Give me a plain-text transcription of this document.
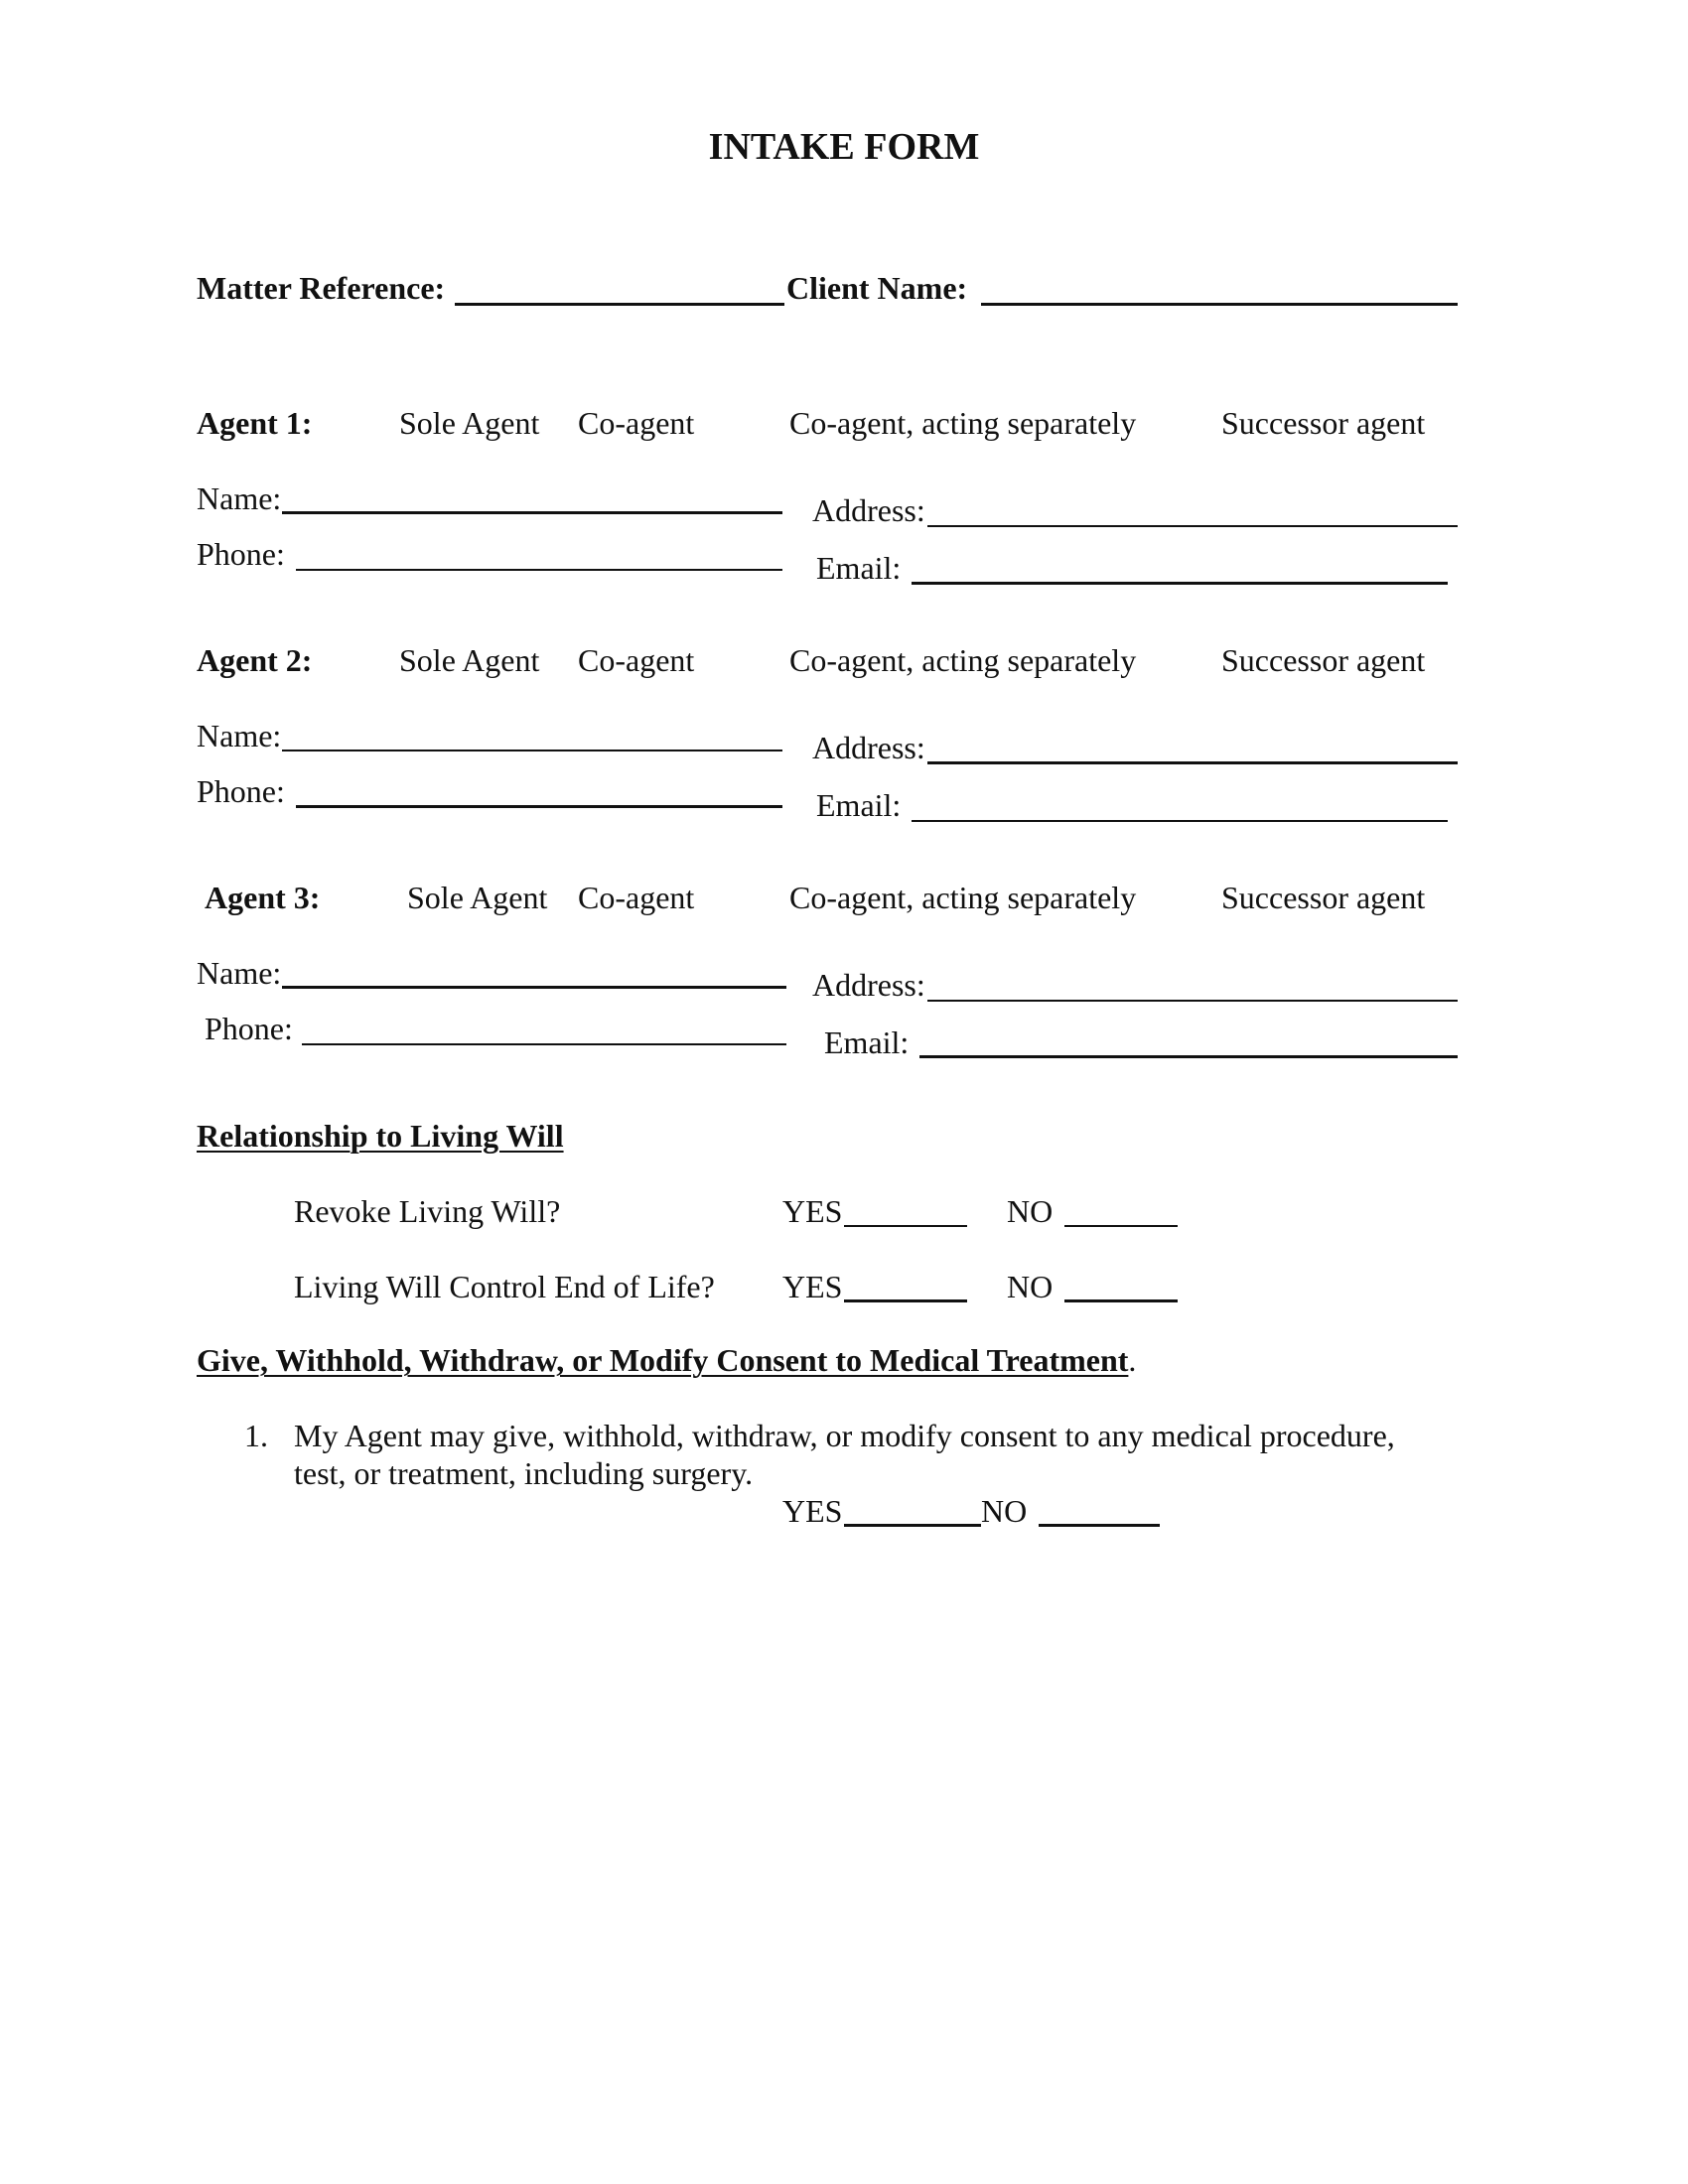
INTAKE FORM
Matter Reference:	Client Name:
Agent 1:	Sole Agent Co-agent	Co-agent, acting separately	Successor agent
Name:	Address:
Phone:	Email:
Agent 2:	Sole Agent Co-agent	Co-agent, acting separately	Successor agent
Name:	Address:
Phone:	Email:
Agent 3:	Sole Agent Co-agent	Co-agent, acting separately	Successor agent
Name:	Address:
Phone:	Email:
Relationship to Living Will
Revoke Living Will?	YES	NO
Living Will Control End of Life? YES	NO
Give, Withhold, Withdraw, or Modify Consent to Medical Treatment.
1. My Agent may give, withhold, withdraw, or modify consent to any medical procedure,
test, or treatment, including surgery.
YES	NO
